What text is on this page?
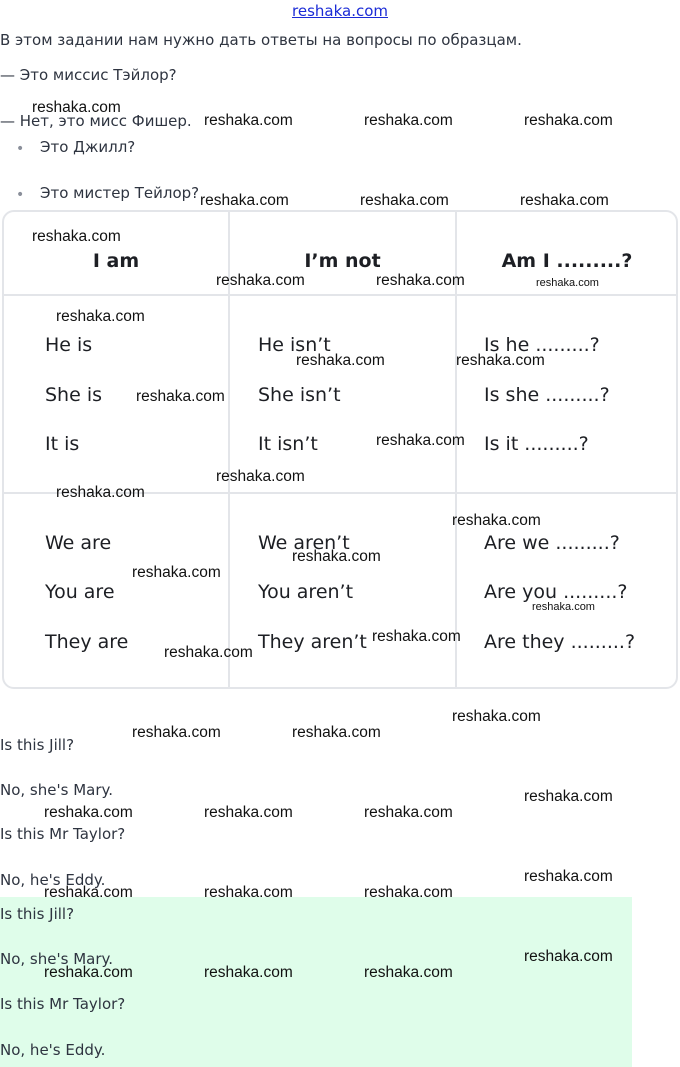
reshaka.com
В этом задании нам нужно дать ответы на вопросы по образцам.
— Это миссис Тэйлор?
— Нет, это мисс Фишер.
• Это Джилл?
• Это мистер Тейлор?
I am	I’m not	Am I .........?
He is	He isn’t	Is he .........?
She is	She isn’t	Is she .........?
It is	It isn’t	Is it .........?
We are	We aren’t	Are we .........?
You are	You aren’t	Are you .........?
They are	They aren’t	Are they .........?
Is this Jill?
No, she's Mary.
Is this Mr Taylor?
No, he's Eddy.
Is this Jill?
No, she's Mary.
Is this Mr Taylor?
No, he's Eddy.
reshaka.com
reshaka.com	reshaka.com	reshaka.com
reshaka.com	reshaka.com	reshaka.com
reshaka.com
reshaka.com	reshaka.com	reshaka.com
reshaka.com
reshaka.com	reshaka.com
reshaka.com
reshaka.com
reshaka.com
reshaka.com
reshaka.com
reshaka.com
reshaka.com
reshaka.com
reshaka.com
reshaka.com
reshaka.com
reshaka.com	reshaka.com
reshaka.com
reshaka.com	reshaka.com	reshaka.com
reshaka.com
reshaka.com	reshaka.com	reshaka.com
reshaka.com
reshaka.com	reshaka.com	reshaka.com
